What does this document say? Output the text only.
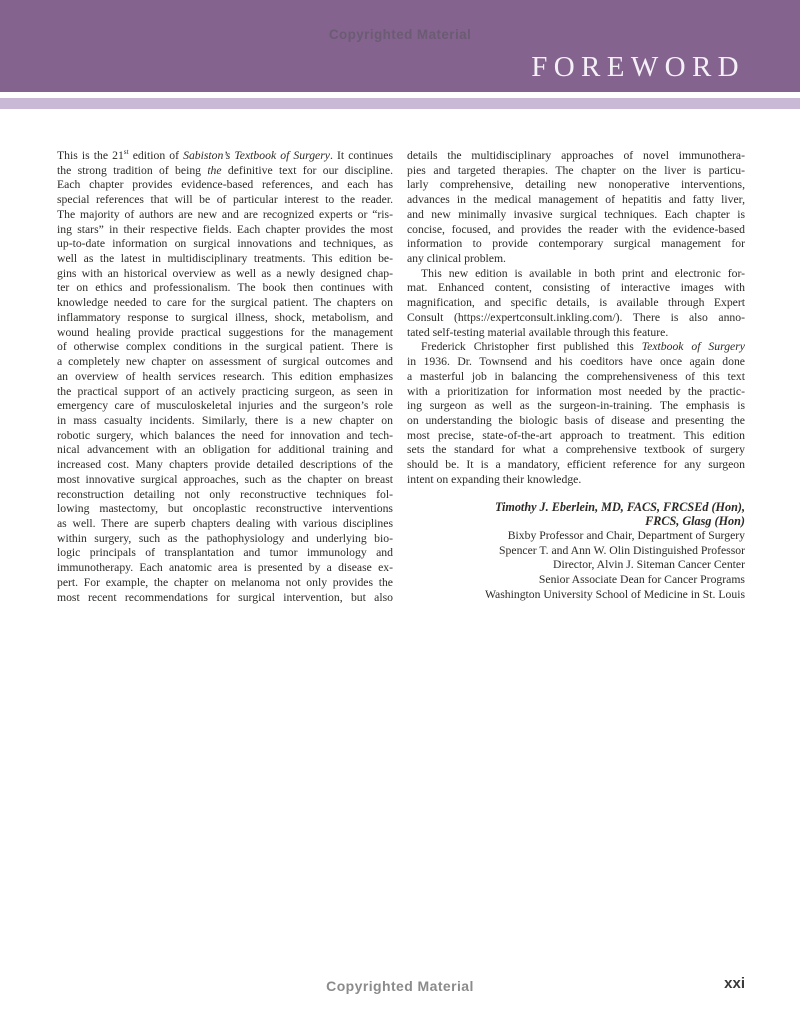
Copyrighted Material
FOREWORD
This is the 21st edition of Sabiston’s Textbook of Surgery. It continues
the strong tradition of being the definitive text for our discipline.
Each chapter provides evidence-based references, and each has
special references that will be of particular interest to the reader.
The majority of authors are new and are recognized experts or “ris-
ing stars” in their respective fields. Each chapter provides the most
up-to-date information on surgical innovations and techniques, as
well as the latest in multidisciplinary treatments. This edition be-
gins with an historical overview as well as a newly designed chap-
ter on ethics and professionalism. The book then continues with
knowledge needed to care for the surgical patient. The chapters on
inflammatory response to surgical illness, shock, metabolism, and
wound healing provide practical suggestions for the management
of otherwise complex conditions in the surgical patient. There is
a completely new chapter on assessment of surgical outcomes and
an overview of health services research. This edition emphasizes
the practical support of an actively practicing surgeon, as seen in
emergency care of musculoskeletal injuries and the surgeon’s role
in mass casualty incidents. Similarly, there is a new chapter on
robotic surgery, which balances the need for innovation and tech-
nical advancement with an obligation for additional training and
increased cost. Many chapters provide detailed descriptions of the
most innovative surgical approaches, such as the chapter on breast
reconstruction detailing not only reconstructive techniques fol-
lowing mastectomy, but oncoplastic reconstructive interventions
as well. There are superb chapters dealing with various disciplines
within surgery, such as the pathophysiology and underlying bio-
logic principals of transplantation and tumor immunology and
immunotherapy. Each anatomic area is presented by a disease ex-
pert. For example, the chapter on melanoma not only provides the
most recent recommendations for surgical intervention, but also
details the multidisciplinary approaches of novel immunothera-
pies and targeted therapies. The chapter on the liver is particu-
larly comprehensive, detailing new nonoperative interventions,
advances in the medical management of hepatitis and fatty liver,
and new minimally invasive surgical techniques. Each chapter is
concise, focused, and provides the reader with the evidence-based
information to provide contemporary surgical management for
any clinical problem.
This new edition is available in both print and electronic for-
mat. Enhanced content, consisting of interactive images with
magnification, and specific details, is available through Expert
Consult (https://expertconsult.inkling.com/). There is also anno-
tated self-testing material available through this feature.
Frederick Christopher first published this Textbook of Surgery
in 1936. Dr. Townsend and his coeditors have once again done
a masterful job in balancing the comprehensiveness of this text
with a prioritization for information most needed by the practic-
ing surgeon as well as the surgeon-in-training. The emphasis is
on understanding the biologic basis of disease and presenting the
most precise, state-of-the-art approach to treatment. This edition
sets the standard for what a comprehensive textbook of surgery
should be. It is a mandatory, efficient reference for any surgeon
intent on expanding their knowledge.
Timothy J. Eberlein, MD, FACS, FRCSEd (Hon),
FRCS, Glasg (Hon)
Bixby Professor and Chair, Department of Surgery
Spencer T. and Ann W. Olin Distinguished Professor
Director, Alvin J. Siteman Cancer Center
Senior Associate Dean for Cancer Programs
Washington University School of Medicine in St. Louis
Copyrighted Material	xxi
